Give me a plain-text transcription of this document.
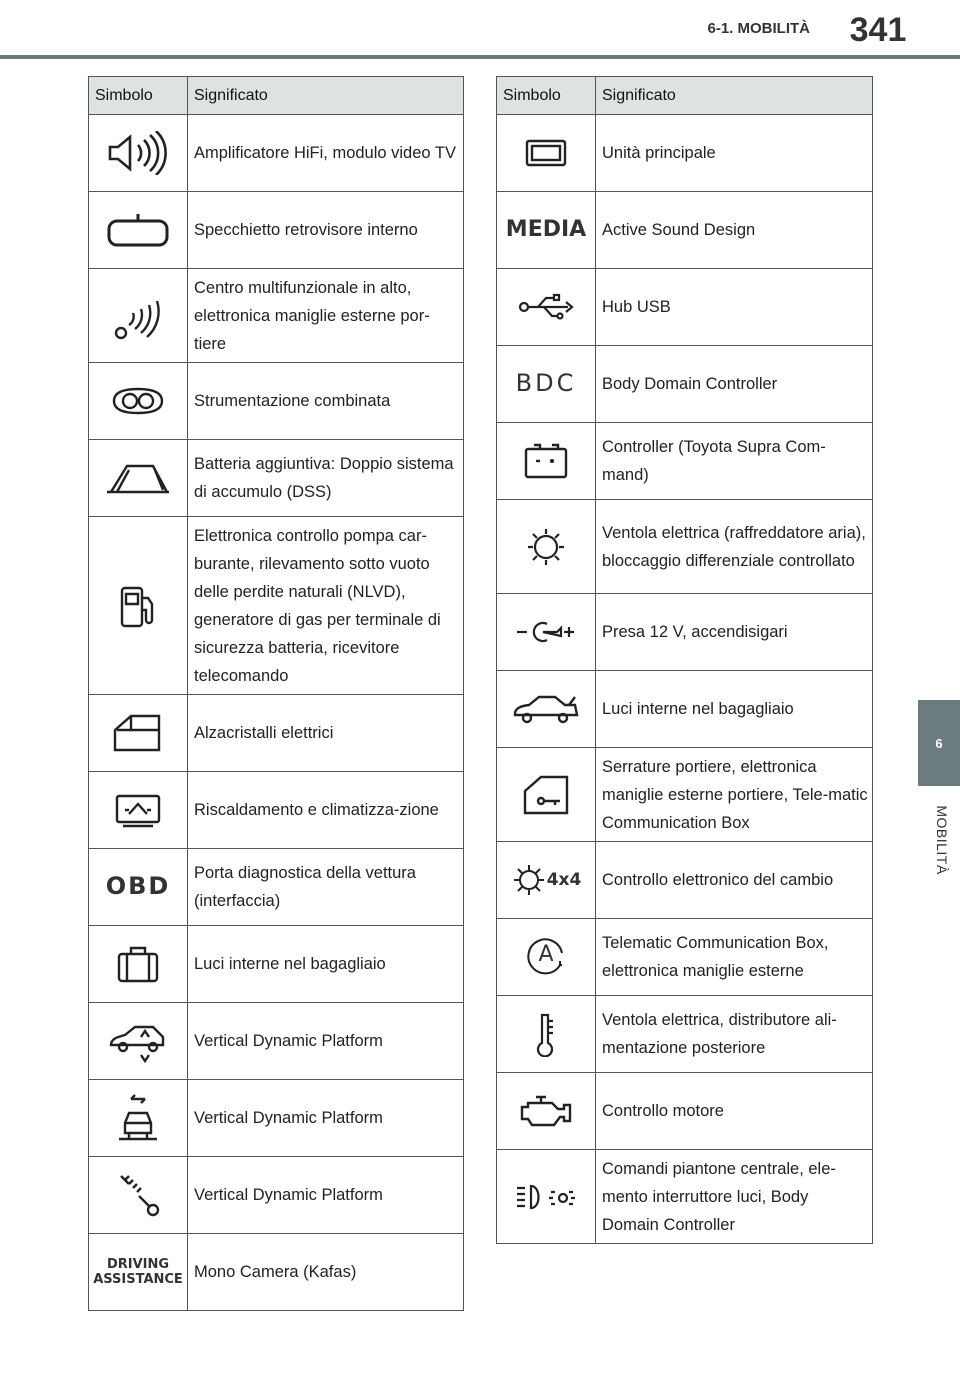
6-1. MOBILITÀ	341
6
MOBILITÀ
Simbolo	Significato

	Amplificatore HiFi, modulo video TV

	Specchietto retrovisore interno

	Centro multifunzionale in alto, elettronica maniglie esterne por-tiere

	Strumentazione combinata

	Batteria aggiuntiva: Doppio sistema di accumulo (DSS)

	Elettronica controllo pompa car-burante, rilevamento sotto vuoto delle perdite naturali (NLVD), generatore di gas per terminale di sicurezza batteria, ricevitore telecomando

	Alzacristalli elettrici

	Riscaldamento e climatizza-zione
OBD	Porta diagnostica della vettura (interfaccia)

	Luci interne nel bagagliaio

	Vertical Dynamic Platform

	Vertical Dynamic Platform

	Vertical Dynamic Platform

DRIVING
ASSISTANCE	Mono Camera (Kafas)
Simbolo	Significato

	Unità principale
MEDIA	Active Sound Design

	Hub USB
BDC	Body Domain Controller

	Controller (Toyota Supra Com-mand)

	Ventola elettrica (raffreddatore aria), bloccaggio differenziale controllato

	Presa 12 V, accendisigari

	Luci interne nel bagagliaio

	Serrature portiere, elettronica maniglie esterne portiere, Tele-matic Communication Box
4x4	Controllo elettronico del cambio

A	Telematic Communication Box, elettronica maniglie esterne

	Ventola elettrica, distributore ali-mentazione posteriore

	Controllo motore

	Comandi piantone centrale, ele-mento interruttore luci, Body Domain Controller
